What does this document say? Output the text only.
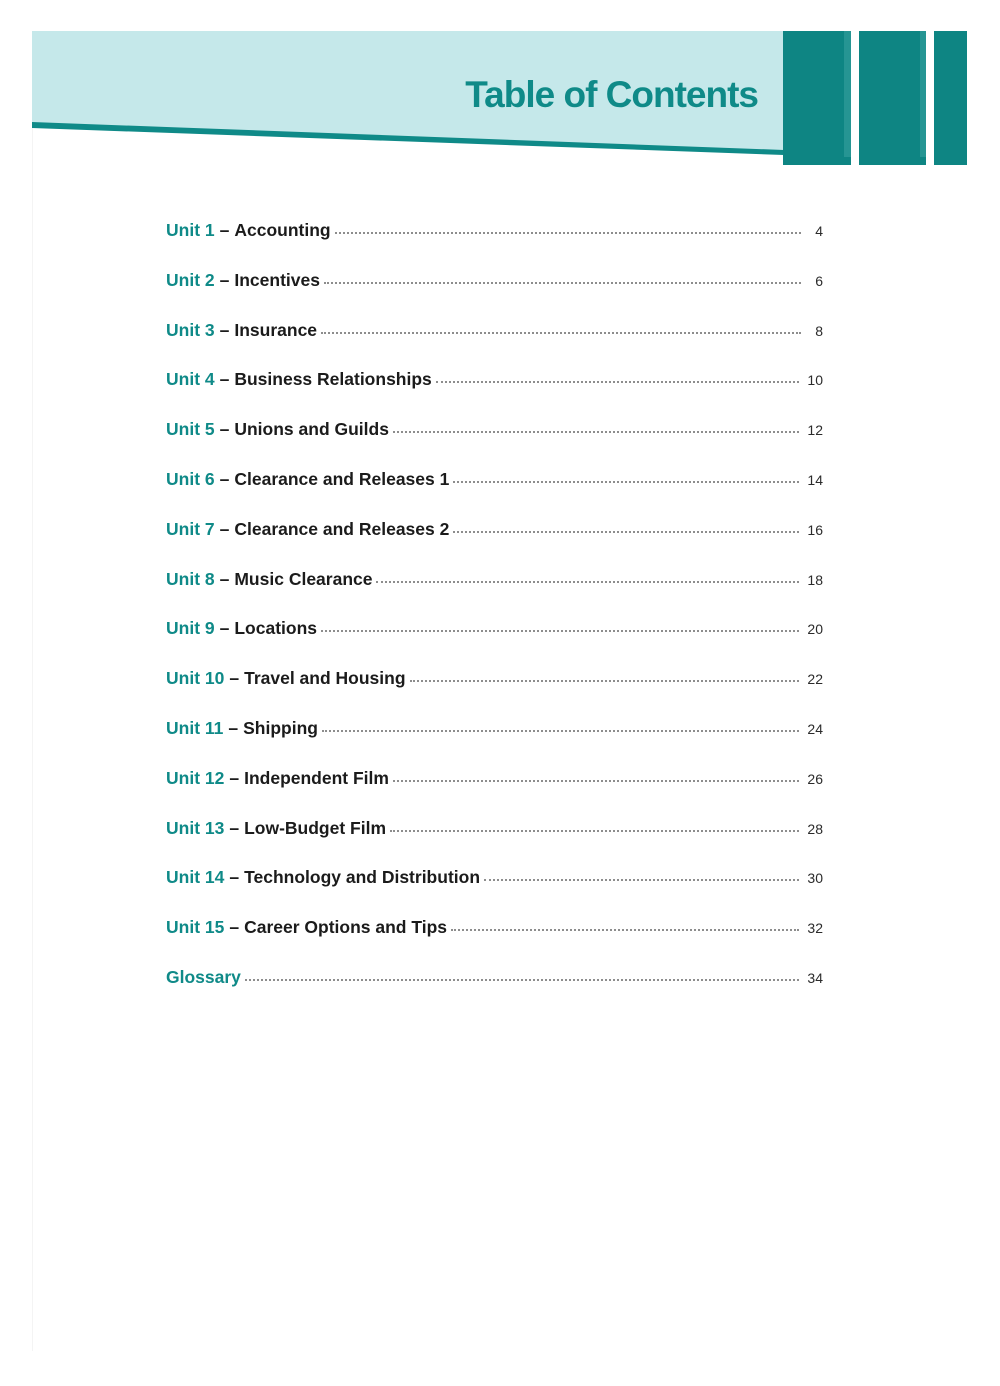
Table of Contents
Unit 1 – Accounting	4
Unit 2 – Incentives	6
Unit 3 – Insurance	8
Unit 4 – Business Relationships	10
Unit 5 – Unions and Guilds	12
Unit 6 – Clearance and Releases 1	14
Unit 7 – Clearance and Releases 2	16
Unit 8 – Music Clearance	18
Unit 9 – Locations	20
Unit 10 – Travel and Housing	22
Unit 11 – Shipping	24
Unit 12 – Independent Film	26
Unit 13 – Low-Budget Film	28
Unit 14 – Technology and Distribution	30
Unit 15 – Career Options and Tips	32
Glossary	34
